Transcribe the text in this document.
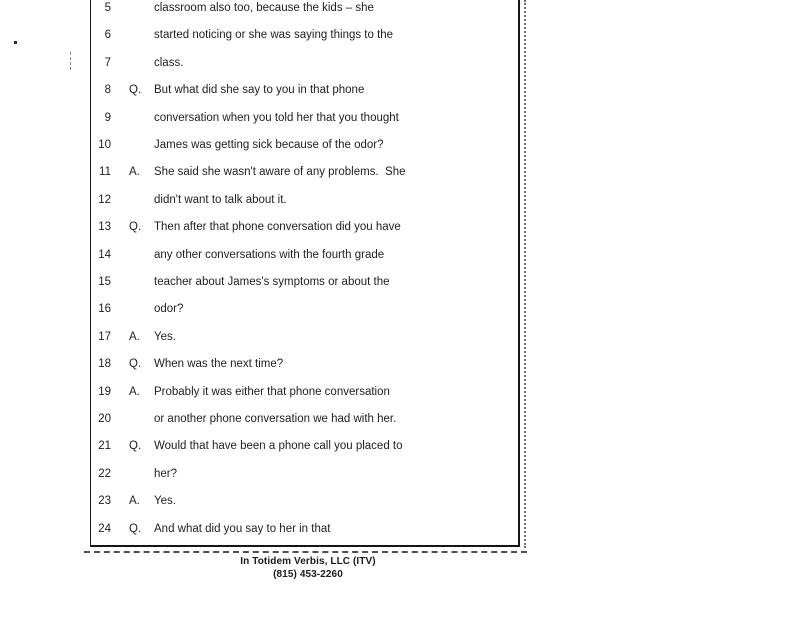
5	classroom also too, because the kids – she
6	started noticing or she was saying things to the
7	class.
8 Q. But what did she say to you in that phone
9	conversation when you told her that you thought
10	James was getting sick because of the odor?
11 A. She said she wasn't aware of any problems.  She
12	didn't want to talk about it.
13 Q. Then after that phone conversation did you have
14	any other conversations with the fourth grade
15	teacher about James's symptoms or about the
16	odor?
17 A. Yes.
18 Q. When was the next time?
19 A. Probably it was either that phone conversation
20	or another phone conversation we had with her.
21 Q. Would that have been a phone call you placed to
22	her?
23 A. Yes.
24 Q. And what did you say to her in that
In Totidem Verbis, LLC (ITV)
(815) 453-2260
